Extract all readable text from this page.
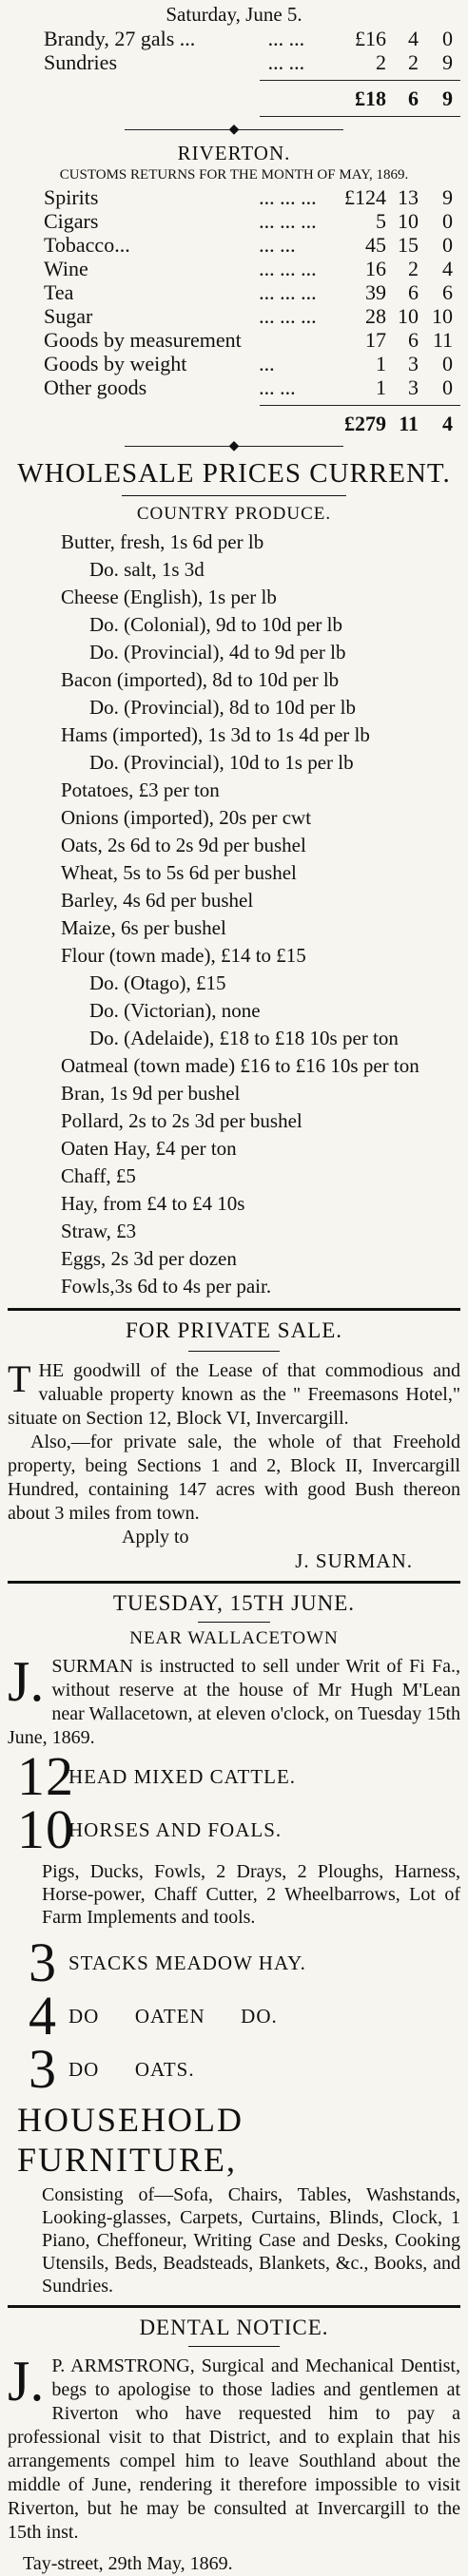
Saturday, June 5.
Brandy, 27 gals ...	... ...	£16	4	0
Sundries	... ...	2	2	9
		£18	6	9
◆
RIVERTON.
CUSTOMS RETURNS FOR THE MONTH OF MAY, 1869.
Spirits	... ... ...	£124	13	9
Cigars	... ... ...	5	10	0
Tobacco...	... ...	45	15	0
Wine	... ... ...	16	2	4
Tea	... ... ...	39	6	6
Sugar	... ... ...	28	10	10
Goods by measurement		17	6	11
Goods by weight	...	1	3	0
Other goods	... ...	1	3	0
		£279	11	4
◆
WHOLESALE PRICES CURRENT.
COUNTRY PRODUCE.
Butter, fresh, 1s 6d per lb
Do. salt, 1s 3d
Cheese (English), 1s per lb
Do. (Colonial), 9d to 10d per lb
Do. (Provincial), 4d to 9d per lb
Bacon (imported), 8d to 10d per lb
Do. (Provincial), 8d to 10d per lb
Hams (imported), 1s 3d to 1s 4d per lb
Do. (Provincial), 10d to 1s per lb
Potatoes, £3 per ton
Onions (imported), 20s per cwt
Oats, 2s 6d to 2s 9d per bushel
Wheat, 5s to 5s 6d per bushel
Barley, 4s 6d per bushel
Maize, 6s per bushel
Flour (town made), £14 to £15
Do. (Otago), £15
Do. (Victorian), none
Do. (Adelaide), £18 to £18 10s per ton
Oatmeal (town made) £16 to £16 10s per ton
Bran, 1s 9d per bushel
Pollard, 2s to 2s 3d per bushel
Oaten Hay, £4 per ton
Chaff, £5
Hay, from £4 to £4 10s
Straw, £3
Eggs, 2s 3d per dozen
Fowls,3s 6d to 4s per pair.
FOR PRIVATE SALE.
T HE goodwill of the Lease of that commodious and valuable property known as the " Freemasons Hotel," situate on Section 12, Block VI, Invercargill.
Also,—for private sale, the whole of that Freehold property, being Sections 1 and 2, Block II, Invercargill Hundred, containing 147 acres with good Bush thereon about 3 miles from town.
Apply to
J. SURMAN.
TUESDAY, 15TH JUNE.
NEAR WALLACETOWN
J. SURMAN is instructed to sell under Writ of Fi Fa., without reserve at the house of Mr Hugh M'Lean near Wallacetown, at eleven o'clock, on Tuesday 15th June, 1869.
12
HEAD MIXED CATTLE.
10
HORSES AND FOALS.
Pigs, Ducks, Fowls, 2 Drays, 2 Ploughs, Harness, Horse-power, Chaff Cutter, 2 Wheelbarrows, Lot of Farm Implements and tools.
3 STACKS MEADOW HAY.
4 DO      OATEN      DO.
3 DO      OATS.
HOUSEHOLD FURNITURE,
Consisting of—Sofa, Chairs, Tables, Washstands, Looking-glasses, Carpets, Curtains, Blinds, Clock, 1 Piano, Cheffoneur, Writing Case and Desks, Cooking Utensils, Beds, Beadsteads, Blankets, &c., Books, and Sundries.
DENTAL NOTICE.
J. P. ARMSTRONG, Surgical and Mechanical Dentist, begs to apologise to those ladies and gentlemen at Riverton who have requested him to pay a professional visit to that District, and to explain that his arrangements compel him to leave Southland about the middle of June, rendering it therefore impossible to visit Riverton, but he may be consulted at Invercargill to the 15th inst.
Tay-street, 29th May, 1869.
